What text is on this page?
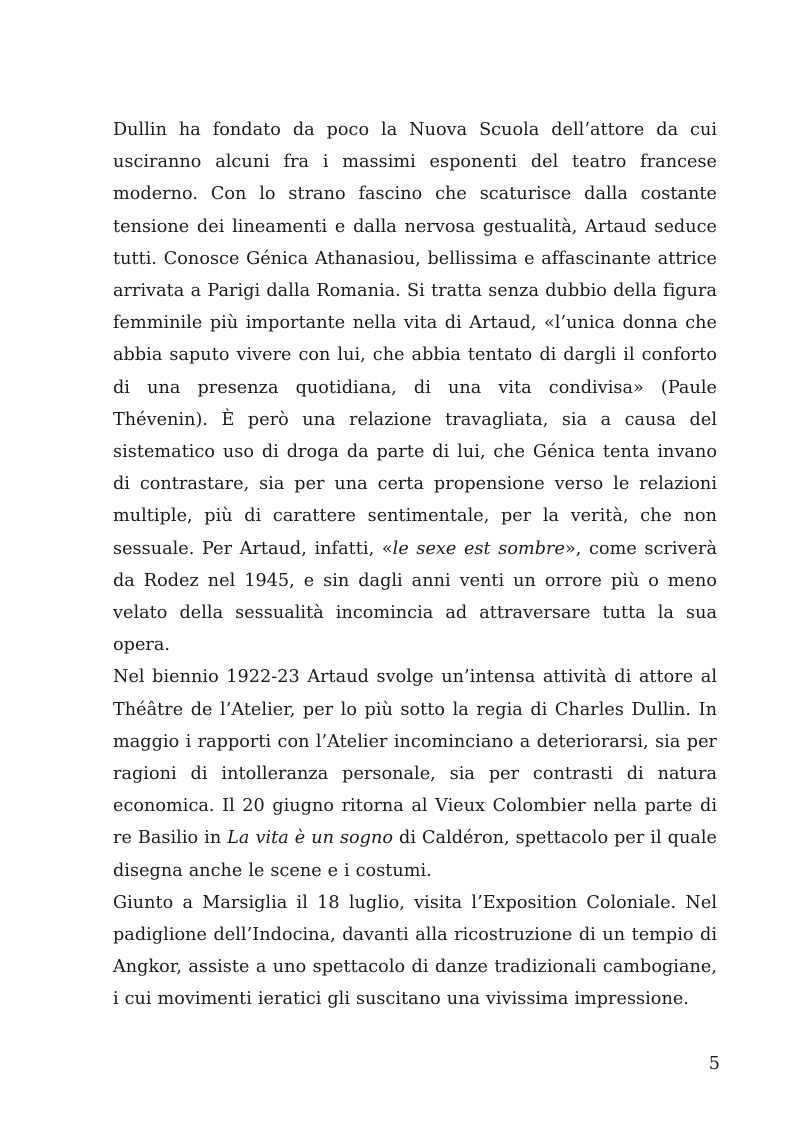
Dullin ha fondato da poco la Nuova Scuola dell’attore da cui usciranno alcuni fra i massimi esponenti del teatro francese moderno. Con lo strano fascino che scaturisce dalla costante tensione dei lineamenti e dalla nervosa gestualità, Artaud seduce tutti. Conosce Génica Athanasiou, bellissima e affascinante attrice arrivata a Parigi dalla Romania. Si tratta senza dubbio della figura femminile più importante nella vita di Artaud, «l’unica donna che abbia saputo vivere con lui, che abbia tentato di dargli il conforto di una presenza quotidiana, di una vita condivisa» (Paule Thévenin). È però una relazione travagliata, sia a causa del sistematico uso di droga da parte di lui, che Génica tenta invano di contrastare, sia per una certa propensione verso le relazioni multiple, più di carattere sentimentale, per la verità, che non sessuale. Per Artaud, infatti, «le sexe est sombre», come scriverà da Rodez nel 1945, e sin dagli anni venti un orrore più o meno velato della sessualità incomincia ad attraversare tutta la sua opera.

Nel biennio 1922-23 Artaud svolge un’intensa attività di attore al Théâtre de l’Atelier, per lo più sotto la regia di Charles Dullin. In maggio i rapporti con l’Atelier incominciano a deteriorarsi, sia per ragioni di intolleranza personale, sia per contrasti di natura economica. Il 20 giugno ritorna al Vieux Colombier nella parte di re Basilio in La vita è un sogno di Caldéron, spettacolo per il quale disegna anche le scene e i costumi.

Giunto a Marsiglia il 18 luglio, visita l’Exposition Coloniale. Nel padiglione dell’Indocina, davanti alla ricostruzione di un tempio di Angkor, assiste a uno spettacolo di danze tradizionali cambogiane, i cui movimenti ieratici gli suscitano una vivissima impressione.

5
